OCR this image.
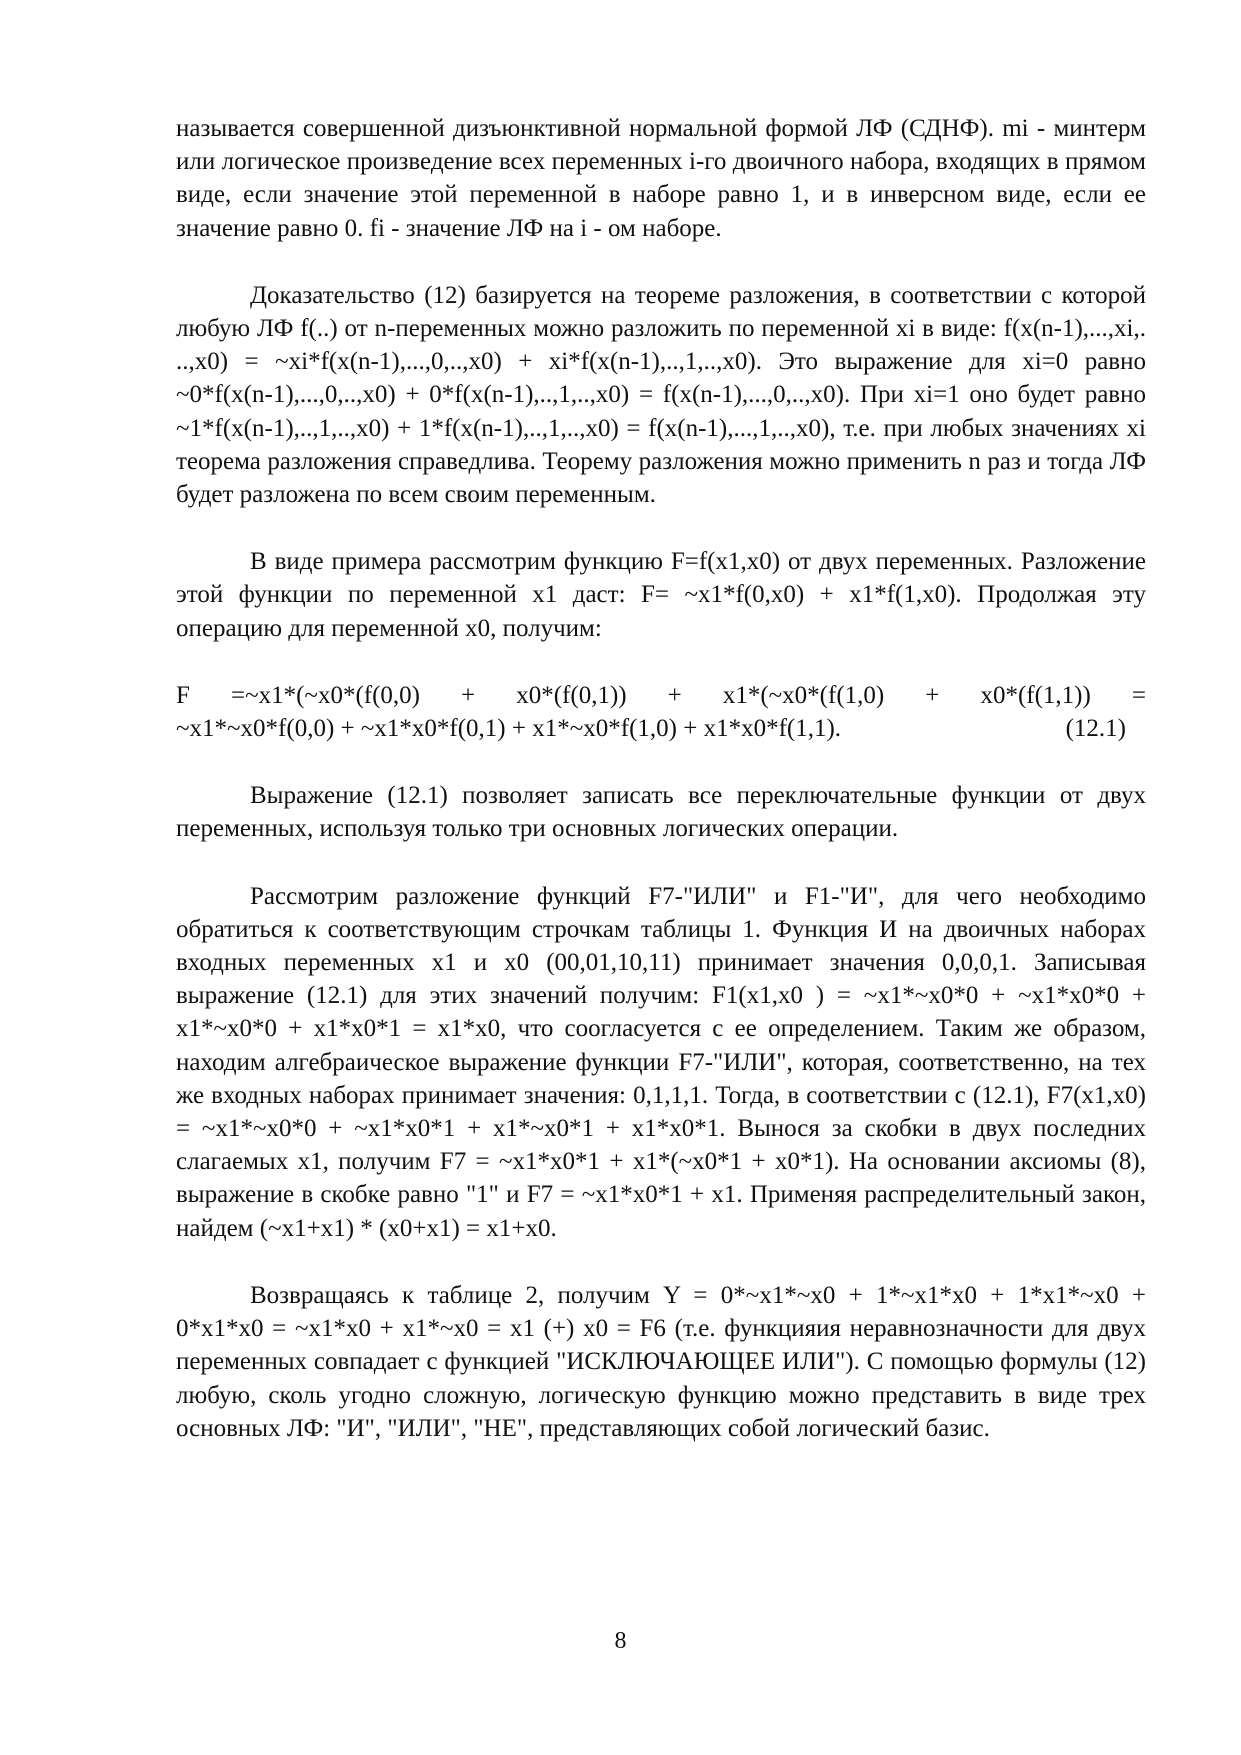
называется совершенной дизъюнктивной нормальной формой ЛФ (СДНФ). mi - минтерм или логическое произведение всех переменных i-го двоичного набора, входящих в прямом виде, если значение этой переменной в наборе равно 1, и в инверсном виде, если ее значение равно 0. fi - значение ЛФ на i - ом наборе.

Доказательство (12) базируется на теореме разложения, в соответствии с которой любую ЛФ f(..) от n-переменных можно разложить по переменной xi в виде: f(x(n-1),...,xi,. ..,x0) = ~xi*f(x(n-1),...,0,..,x0) + xi*f(x(n-1),..,1,..,x0). Это выражение для xi=0 равно ~0*f(x(n-1),...,0,..,x0) + 0*f(x(n-1),..,1,..,x0) = f(x(n-1),...,0,..,x0). При xi=1 оно будет равно ~1*f(x(n-1),..,1,..,x0) + 1*f(x(n-1),..,1,..,x0) = f(x(n-1),...,1,..,x0), т.е. при любых значениях xi теорема разложения справедлива. Теорему разложения можно применить n раз и тогда ЛФ будет разложена по всем своим переменным.

В виде примера рассмотрим функцию F=f(x1,x0) от двух переменных. Разложение этой функции по переменной x1 даст: F= ~x1*f(0,x0) + x1*f(1,x0). Продолжая эту операцию для переменной x0, получим:

F =~x1*(~x0*(f(0,0) + x0*(f(0,1)) + x1*(~x0*(f(1,0) + x0*(f(1,1)) =

~x1*~x0*f(0,0) + ~x1*x0*f(0,1) + x1*~x0*f(1,0) + x1*x0*f(1,1).	(12.1)

Выражение (12.1) позволяет записать все переключательные функции от двух переменных, используя только три основных логических операции.

Рассмотрим разложение функций F7-"ИЛИ" и F1-"И", для чего необходимо обратиться к соответствующим строчкам таблицы 1. Функция И на двоичных наборах входных переменных x1 и x0 (00,01,10,11) принимает значения 0,0,0,1. Записывая выражение (12.1) для этих значений получим: F1(x1,x0 ) = ~x1*~x0*0 + ~x1*x0*0 + x1*~x0*0 + x1*x0*1 = x1*x0, что соогласуется с ее определением. Таким же образом, находим алгебраическое выражение функции F7-"ИЛИ", которая, соответственно, на тех же входных наборах принимает значения: 0,1,1,1. Тогда, в соответствии с (12.1), F7(x1,x0) = ~x1*~x0*0 + ~x1*x0*1 + x1*~x0*1 + x1*x0*1. Вынося за скобки в двух последних слагаемых x1, получим F7 = ~x1*x0*1 + x1*(~x0*1 + x0*1). На основании аксиомы (8), выражение в скобке равно "1" и F7 = ~x1*x0*1 + x1. Применяя распределительный закон, найдем (~x1+x1) * (x0+x1) = x1+x0.

Возвращаясь к таблице 2, получим Y = 0*~x1*~x0 + 1*~x1*x0 + 1*x1*~x0 + 0*x1*x0 = ~x1*x0 + x1*~x0 = x1 (+) x0 = F6 (т.е. функцияия неравнозначности для двух переменных совпадает с функцией "ИСКЛЮЧАЮЩЕЕ ИЛИ"). С помощью формулы (12) любую, сколь угодно сложную, логическую функцию можно представить в виде трех основных ЛФ: "И", "ИЛИ", "НЕ", представляющих собой логический базис.

8
